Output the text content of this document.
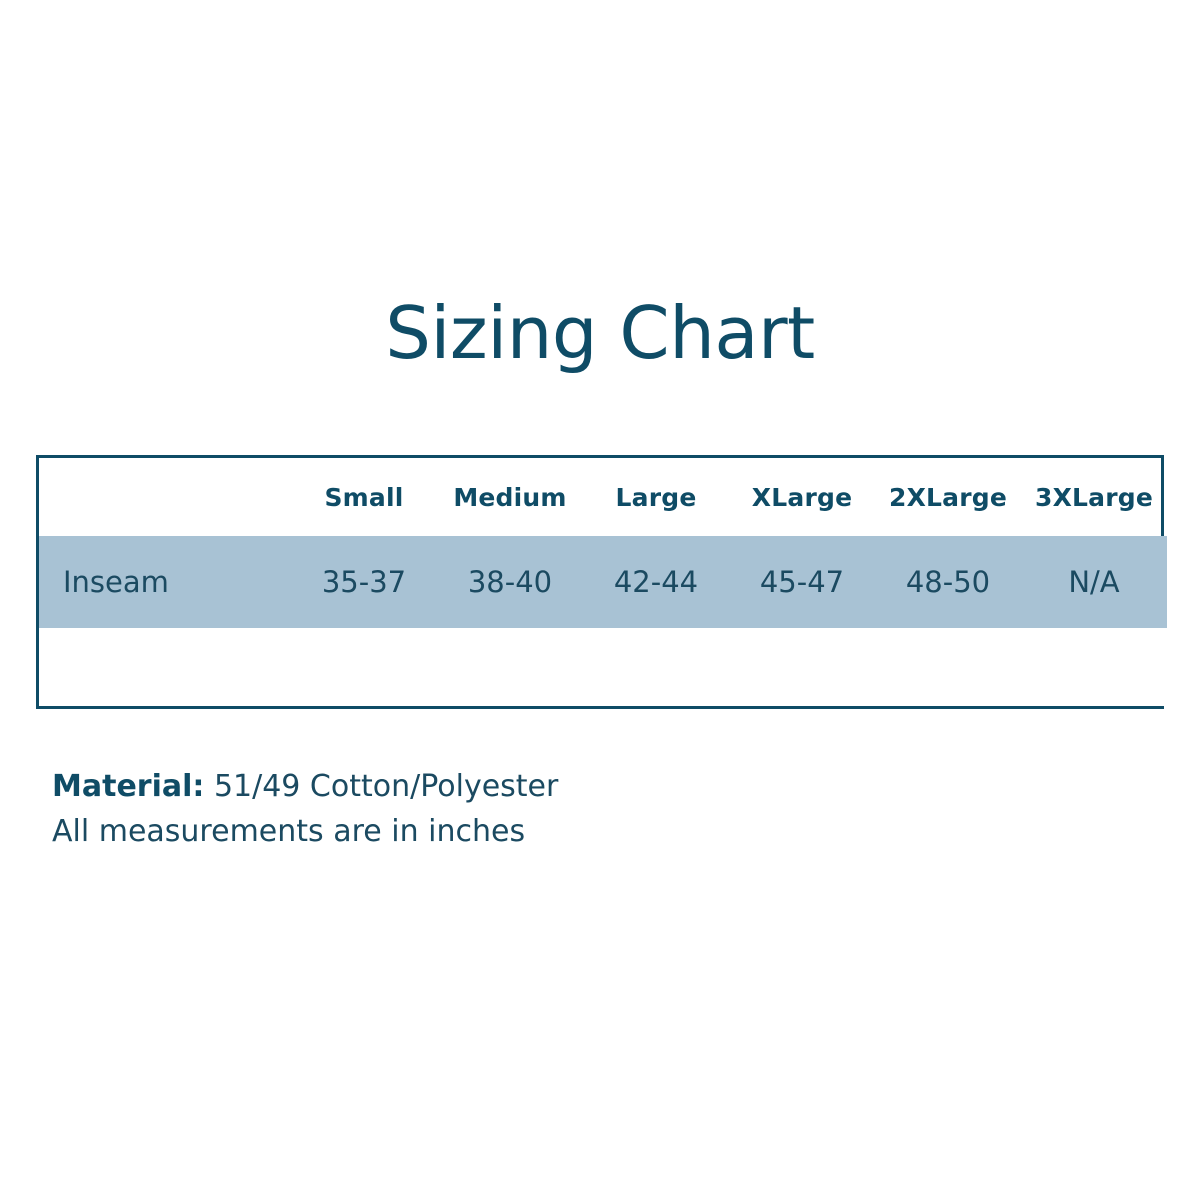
Sizing Chart
	Small	Medium	Large	XLarge	2XLarge	3XLarge
Inseam	35-37	38-40	42-44	45-47	48-50	N/A

Material: 51/49 Cotton/Polyester
All measurements are in inches
